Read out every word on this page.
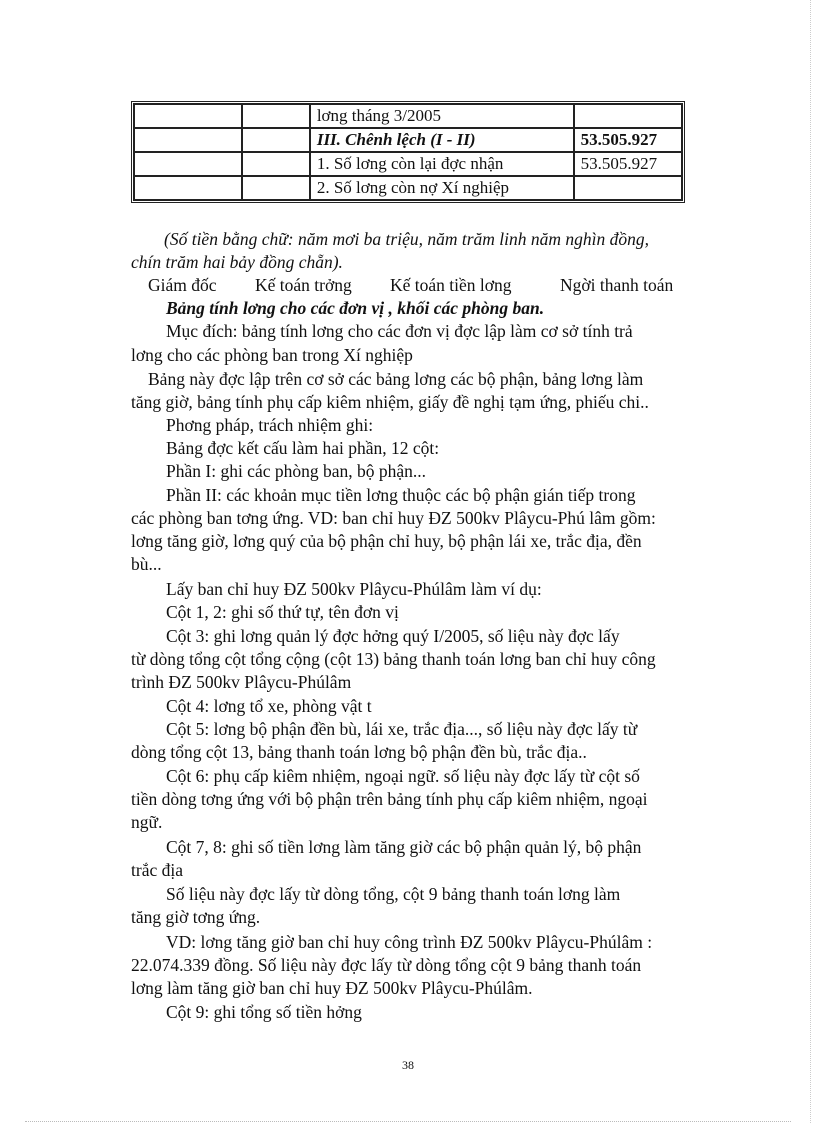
		lơng tháng 3/2005	
		III. Chênh lệch (I - II)	53.505.927
		1. Số lơng còn lại đợc nhận	53.505.927
		2. Số lơng còn nợ Xí nghiệp	
(Số tiền bằng chữ: năm mơi ba triệu, năm trăm linh năm nghìn đồng,
chín trăm hai bảy đồng chẵn).
Giám đốc Kế toán trởng Kế toán tiền lơng	Ngời thanh toán
Bảng tính lơng cho các đơn vị , khối các phòng ban.
Mục đích: bảng tính lơng cho các đơn vị đợc lập làm cơ sở tính trả
lơng cho các phòng ban trong Xí nghiệp
Bảng này đợc lập trên cơ sở các bảng lơng các bộ phận, bảng lơng làm
tăng giờ, bảng tính phụ cấp kiêm nhiệm, giấy đề nghị tạm ứng, phiếu chi..
Phơng pháp, trách nhiệm ghi:
Bảng đợc kết cấu làm hai phần, 12 cột:
Phần I: ghi các phòng ban, bộ phận...
Phần II: các khoản mục tiền lơng thuộc các bộ phận gián tiếp trong
các phòng ban tơng ứng. VD: ban chỉ huy ĐZ 500kv Plâycu-Phú lâm gồm:
lơng tăng giờ, lơng quý của bộ phận chỉ huy, bộ phận lái xe, trắc địa, đền
bù...
Lấy ban chỉ huy ĐZ 500kv Plâycu-Phúlâm làm ví dụ:
Cột 1, 2: ghi số thứ tự, tên đơn vị
Cột 3: ghi lơng quản lý đợc hởng quý I/2005, số liệu này đợc lấy
từ dòng tổng cột tổng cộng (cột 13) bảng thanh toán lơng ban chỉ huy công
trình ĐZ 500kv Plâycu-Phúlâm
Cột 4: lơng tổ xe, phòng vật t
Cột 5: lơng bộ phận đền bù, lái xe, trắc địa..., số liệu này đợc lấy từ
dòng tổng cột 13, bảng thanh toán lơng bộ phận đền bù, trắc địa..
Cột 6: phụ cấp kiêm nhiệm, ngoại ngữ. số liệu này đợc lấy từ cột số
tiền dòng tơng ứng với bộ phận trên bảng tính phụ cấp kiêm nhiệm, ngoại
ngữ.
Cột 7, 8: ghi số tiền lơng làm tăng giờ các bộ phận quản lý, bộ phận
trắc địa
Số liệu này đợc lấy từ dòng tổng, cột 9 bảng thanh toán lơng làm
tăng giờ tơng ứng.
VD: lơng tăng giờ ban chỉ huy công trình ĐZ 500kv Plâycu-Phúlâm :
22.074.339 đồng. Số liệu này đợc lấy từ dòng tổng cột 9 bảng thanh toán
lơng làm tăng giờ ban chỉ huy ĐZ 500kv Plâycu-Phúlâm.
Cột 9: ghi tổng số tiền hởng
38
